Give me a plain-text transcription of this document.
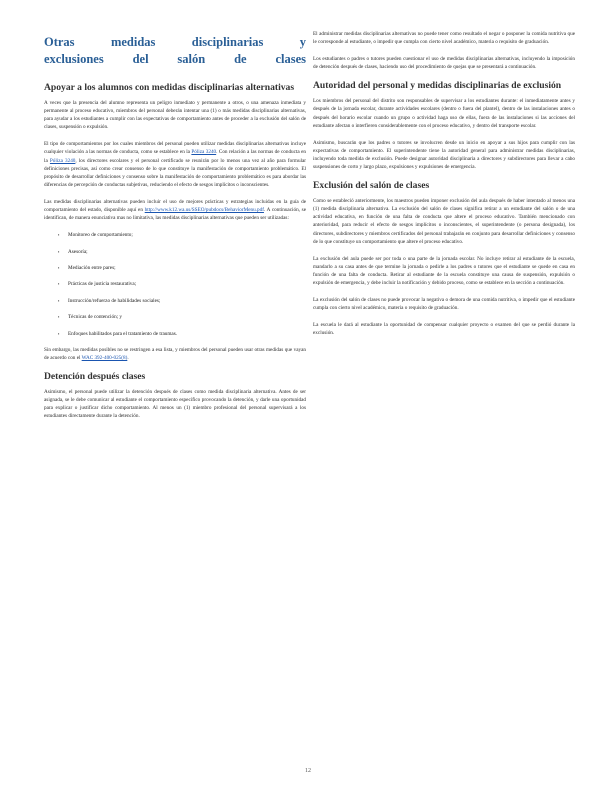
Otras medidas disciplinarias y
exclusiones del salón de clases
Apoyar a los alumnos con medidas disciplinarias alternativas

A veces que la presencia del alumno representa un peligro inmediato y permanente a otros, o una amenaza inmediata y permanente al proceso educativo, miembros del personal deberán intentar una (1) o más medidas disciplinarias alternativas, para ayudar a los estudiantes a cumplir con las expectativas de comportamiento antes de proceder a la exclusión del salón de clases, suspensión o expulsión.

El tipo de comportamientos por los cuales miembros del personal pueden utilizar medidas disciplinarias alternativas incluye cualquier violación a las normas de conducta, como se establece en la Póliza 3240. Con relación a las normas de conducta en la Póliza 3240, los directores escolares y el personal certificado se reunirán por lo menos una vez al año para formular definiciones precisas, así como crear consenso de lo que constituye la manifestación de comportamiento problemático. El propósito de desarrollar definiciones y consenso sobre la manifestación de comportamiento problemático es para abordar las diferencias de percepción de conductas subjetivas, reduciendo el efecto de sesgos implícitos o inconscientes.

Las medidas disciplinarias alternativas pueden incluir el uso de mejores prácticas y estrategias incluidas en la guía de comportamiento del estado, disponible aquí en http://www.k12.wa.us/SSEO/pubdocs/BehaviorMenu.pdf. A continuación, se identifican, de manera enunciativa mas no limitativa, las medidas disciplinarias alternativas que pueden ser utilizadas:

▪ Monitoreo de comportamiento;
▪ Asesoría;
▪ Mediación entre pares;
▪ Prácticas de justicia restaurativa;
▪ Instrucción/refuerzo de habilidades sociales;
▪ Técnicas de contención; y
▪ Enfoques habilitados para el tratamiento de traumas.

Sin embargo, las medidas posibles no se restringen a esa lista, y miembros del personal pueden usar otras medidas que vayan de acuerdo con el WAC 392-400-025(8).

Detención después clases

Asimismo, el personal puede utilizar la detención después de clases como medida disciplinaria alternativa. Antes de ser asignada, se le debe comunicar al estudiante el comportamiento específico provocando la detención, y darle una oportunidad para explicar o justificar dicho comportamiento. Al menos un (1) miembro profesional del personal supervisará a los estudiantes directamente durante la detención.

El administrar medidas disciplinarias alternativas no puede tener como resultado el negar o posponer la comida nutritiva que le corresponde al estudiante, o impedir que cumpla con cierto nivel académico, materia o requisito de graduación.

Los estudiantes o padres o tutores pueden cuestionar el uso de medidas disciplinarias alternativas, incluyendo la imposición de detención después de clases, haciendo uso del procedimiento de quejas que se presentará a continuación.

Autoridad del personal y medidas disciplinarias de exclusión

Los miembros del personal del distrito son responsables de supervisar a los estudiantes durante: el inmediatamente antes y después de la jornada escolar, durante actividades escolares (dentro o fuera del plantel), dentro de las instalaciones antes o después del horario escolar cuando un grupo o actividad haga uso de ellas, fuera de las instalaciones si las acciones del estudiante afectan o interfieren considerablemente con el proceso educativo, y dentro del transporte escolar.

Asimismo, buscarán que los padres o tutores se involucren desde un inicio en apoyar a sus hijos para cumplir con las expectativas de comportamiento. El superintendente tiene la autoridad general para administrar medidas disciplinarias, incluyendo toda medida de exclusión. Puede designar autoridad disciplinaria a directores y subdirectores para llevar a cabo suspensiones de corto y largo plazo, expulsiones y expulsiones de emergencia.

Exclusión del salón de clases

Como se estableció anteriormente, los maestros pueden imponer exclusión del aula después de haber intentado al menos una (1) medida disciplinaria alternativa. La exclusión del salón de clases significa retirar a un estudiante del salón o de una actividad educativa, en función de una falta de conducta que altere el proceso educativo. También mencionado con anterioridad, para reducir el efecto de sesgos implícitos o inconscientes, el superintendente (o persona designada), los directores, subdirectores y miembros certificados del personal trabajarán en conjunto para desarrollar definiciones y consenso de lo que constituye un comportamiento que altere el proceso educativo.

La exclusión del aula puede ser por toda o una parte de la jornada escolar. No incluye retirar al estudiante de la escuela, mandarlo a su casa antes de que termine la jornada o pedirle a los padres o tutores que el estudiante se quede en casa en función de una falta de conducta. Retirar al estudiante de la escuela constituye una causa de suspensión, expulsión o expulsión de emergencia, y debe incluir la notificación y debido proceso, como se establece en la sección a continuación.

La exclusión del salón de clases no puede provocar la negativa o demora de una comida nutritiva, o impedir que el estudiante cumpla con cierto nivel académico, materia o requisito de graduación.

La escuela le dará al estudiante la oportunidad de compensar cualquier proyecto o examen del que se perdió durante la exclusión.

12
